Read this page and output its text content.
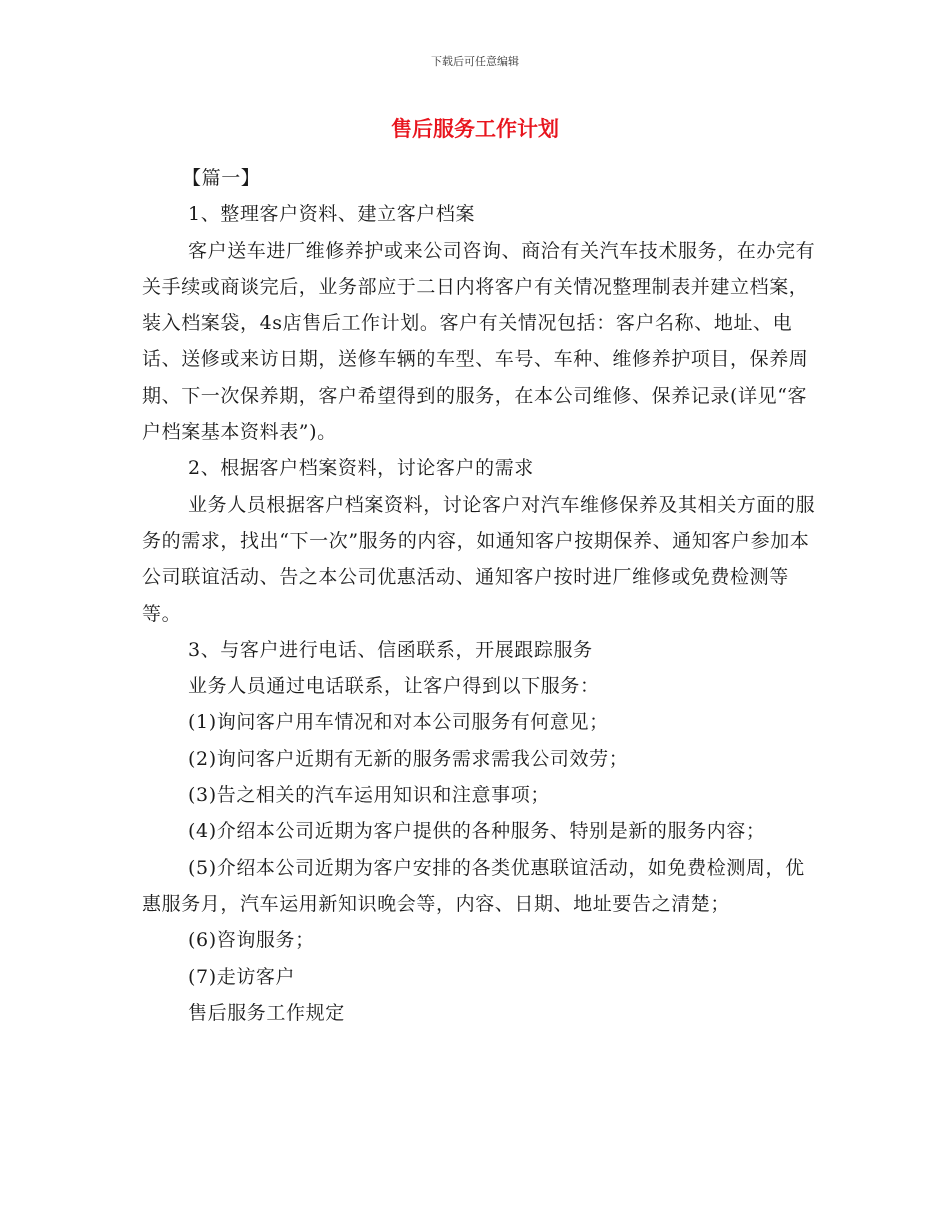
下载后可任意编辑
售后服务工作计划

【篇一】

1、整理客户资料、建立客户档案

客户送车进厂维修养护或来公司咨询、商洽有关汽车技术服务，在办完有关手续或商谈完后，业务部应于二日内将客户有关情况整理制表并建立档案，装入档案袋，4s店售后工作计划。客户有关情况包括：客户名称、地址、电话、送修或来访日期，送修车辆的车型、车号、车种、维修养护项目，保养周期、下一次保养期，客户希望得到的服务，在本公司维修、保养记录(详见“客户档案基本资料表”)。

2、根据客户档案资料，讨论客户的需求

业务人员根据客户档案资料，讨论客户对汽车维修保养及其相关方面的服务的需求，找出“下一次”服务的内容，如通知客户按期保养、通知客户参加本公司联谊活动、告之本公司优惠活动、通知客户按时进厂维修或免费检测等等。

3、与客户进行电话、信函联系，开展跟踪服务

业务人员通过电话联系，让客户得到以下服务：

(1)询问客户用车情况和对本公司服务有何意见；

(2)询问客户近期有无新的服务需求需我公司效劳；

(3)告之相关的汽车运用知识和注意事项；

(4)介绍本公司近期为客户提供的各种服务、特别是新的服务内容；

(5)介绍本公司近期为客户安排的各类优惠联谊活动，如免费检测周，优惠服务月，汽车运用新知识晚会等，内容、日期、地址要告之清楚；

(6)咨询服务；

(7)走访客户

售后服务工作规定
